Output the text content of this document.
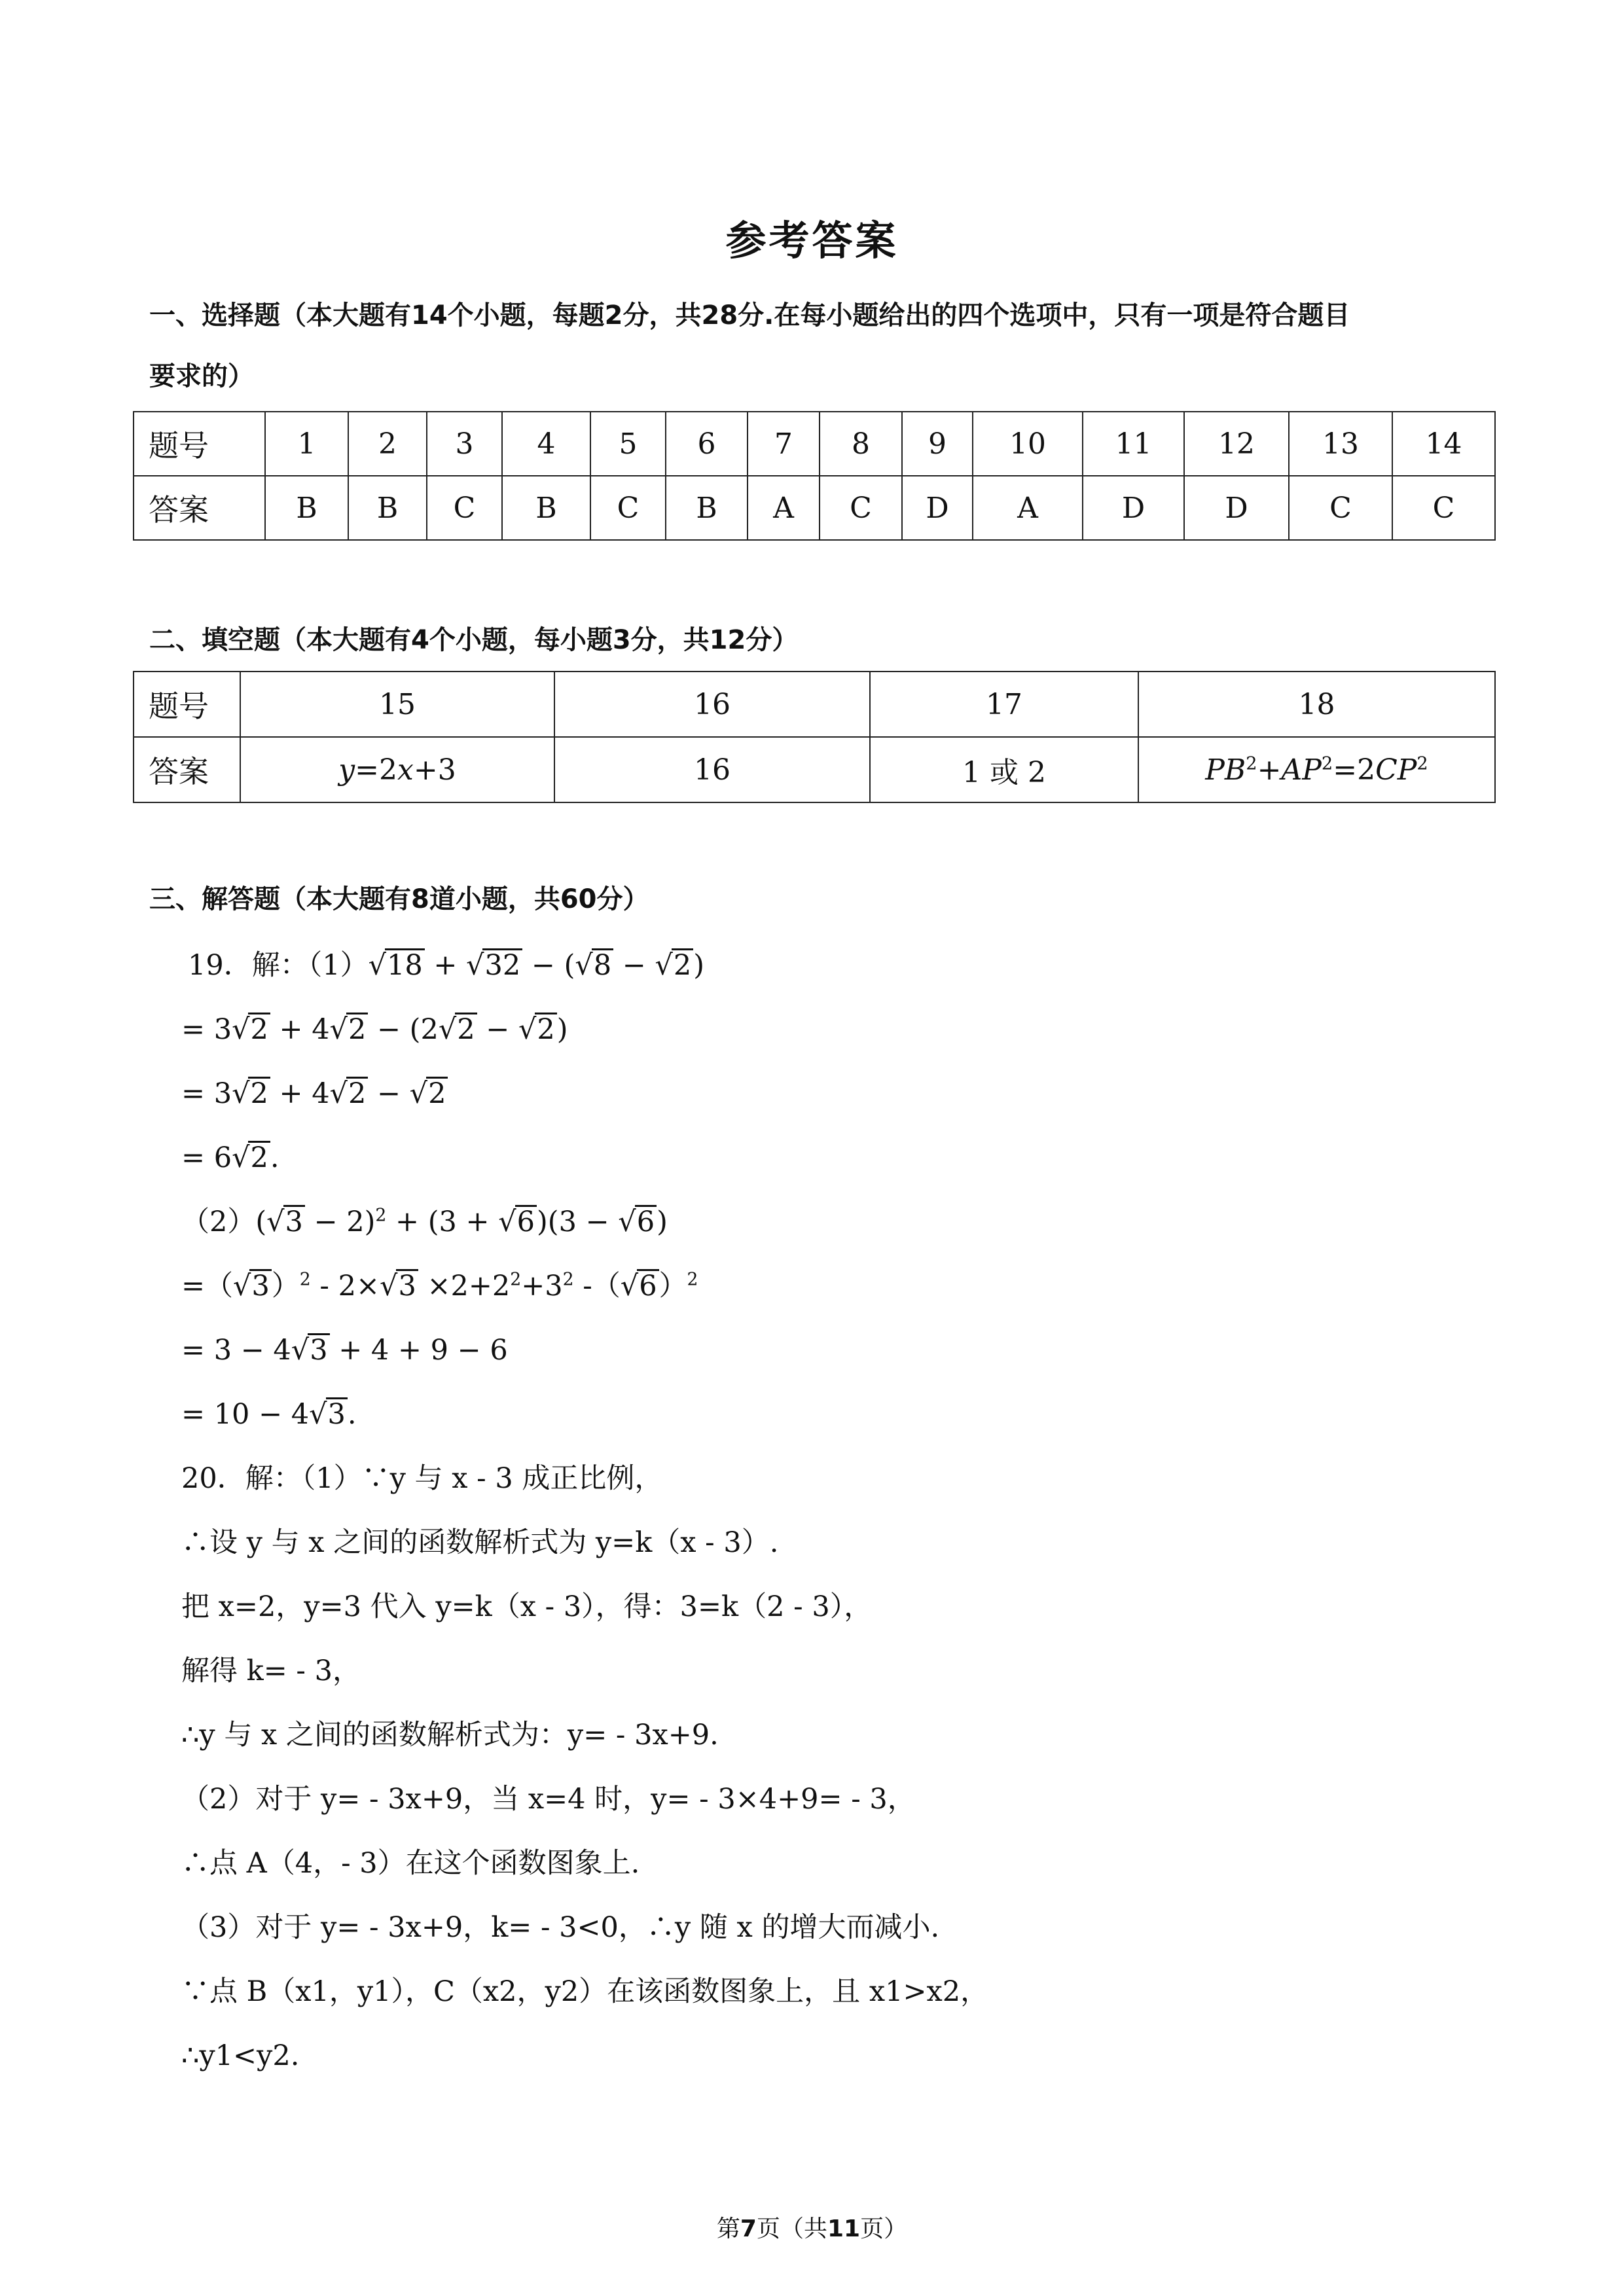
参考答案
一、选择题（本大题有14个小题，每题2分，共28分.在每小题给出的四个选项中，只有一项是符合题目
要求的）
题号	1	2	3	4	5	6	7	8	9	10	11	12	13	14
答案	B	B	C	B	C	B	A	C	D	A	D	D	C	C
二、填空题（本大题有4个小题，每小题3分，共12分）
题号	15	16	17	18
答案	y=2x+3	16	1 或 2	$PB^2+AP^2=2CP^2$
三、解答题（本大题有8道小题，共60分）
19．解：（1）√18 + √32 − (√8 − √2)
= 3√2 + 4√2 − (2√2 − √2)
= 3√2 + 4√2 − √2
= 6√2.
$(2)(√3 - 2)^2 + (3 + √6)(3 - √6)$
$=(√3)^2 - 2\times√3 \times 2+2^2+3^2$ $-(√6)^2$
= 3 − 4√3 + 4 + 9 − 6
= 10 − 4√3.
20．解：（1）∵y 与 x - 3 成正比例，
∴设 y 与 x 之间的函数解析式为 y=k（x - 3）.
把 x=2，y=3 代入 y=k（x - 3），得：3=k（2 - 3），
解得 k= - 3，
∴y 与 x 之间的函数解析式为：y= - 3x+9.
（2）对于 y= - 3x+9，当 x=4 时，y= - 3×4+9= - 3，
∴点 A（4，- 3）在这个函数图象上.
（3）对于 y= - 3x+9，k= - 3<0，∴y 随 x 的增大而减小.
∵点 B（x1，y1），C（x2，y2）在该函数图象上，且 x1>x2，
∴y1<y2.
第7页（共11页）
